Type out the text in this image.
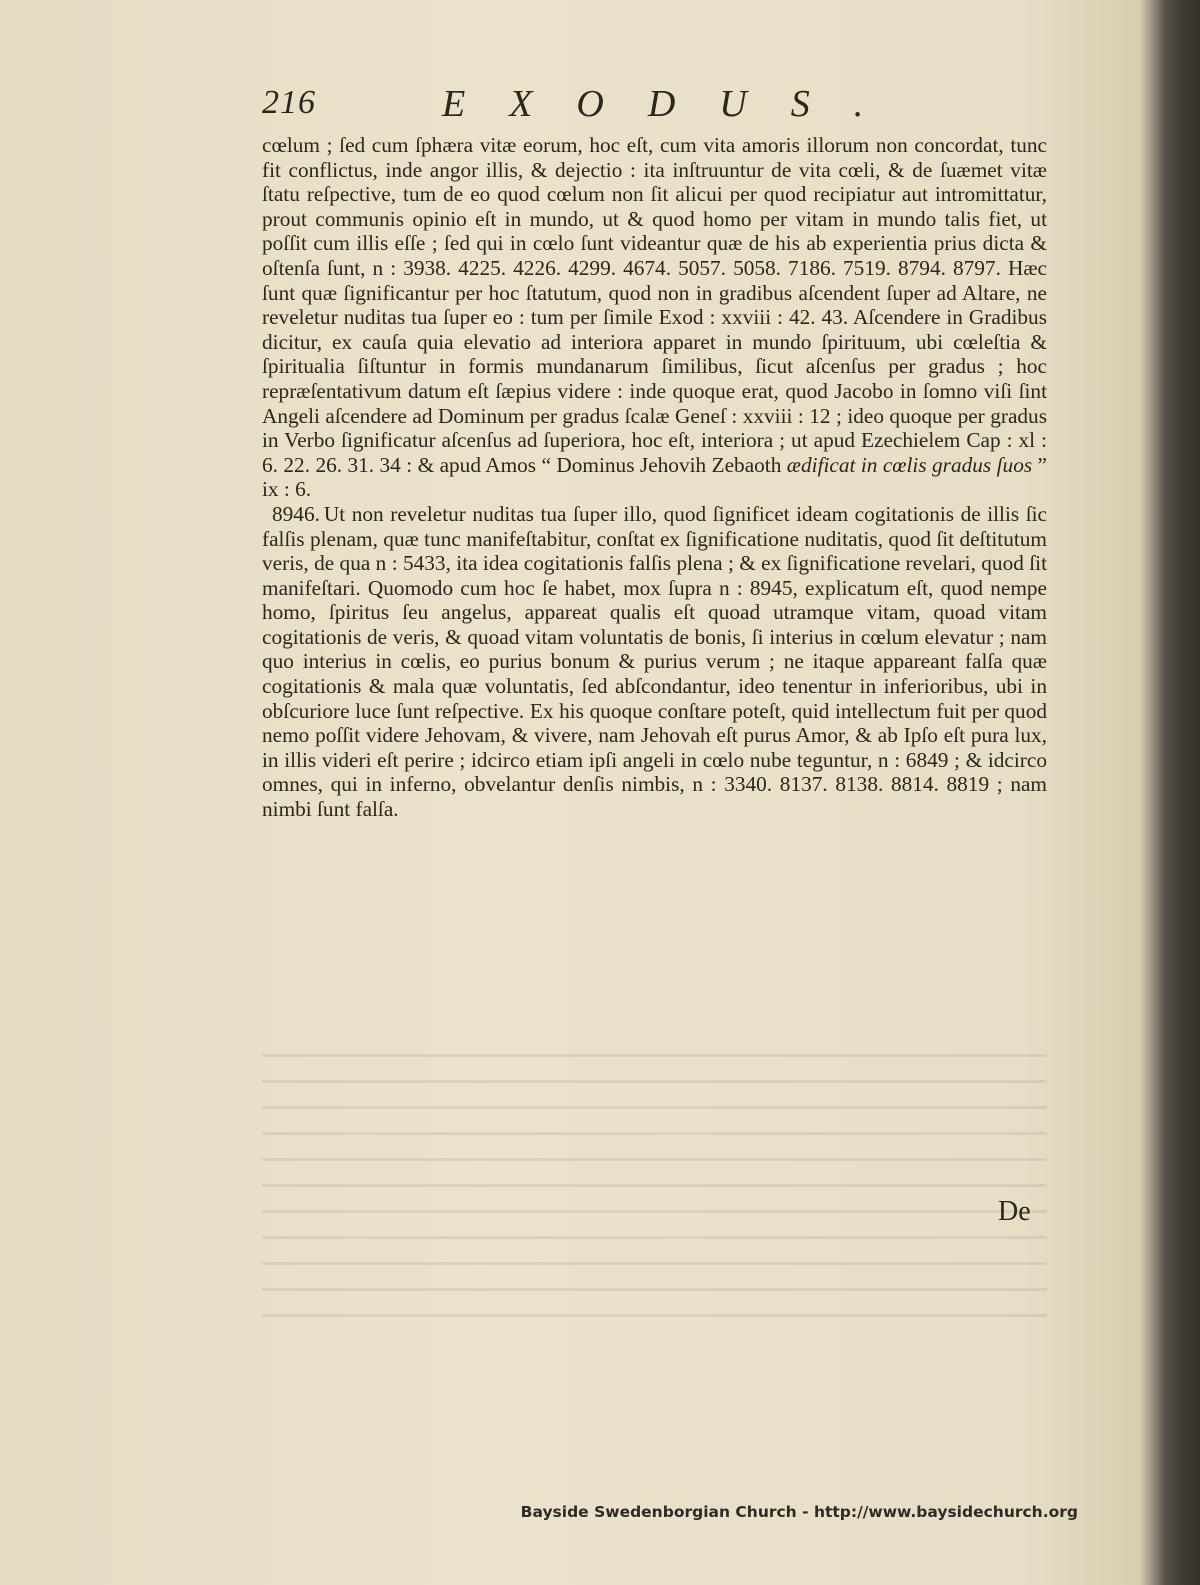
216	EXODUS.

cœlum ; ſed cum ſphæra vitæ eorum, hoc eſt, cum vita amoris illorum non concordat, tunc fit conflictus, inde angor illis, & dejectio : ita inſtruuntur de vita cœli, & de ſuæmet vitæ ſtatu reſpective, tum de eo quod cœlum non ſit alicui per quod recipiatur aut intromittatur, prout communis opinio eſt in mundo, ut & quod homo per vitam in mundo talis fiet, ut poſſit cum illis eſſe ; ſed qui in cœlo ſunt videantur quæ de his ab experientia prius dicta & oſtenſa ſunt, n : 3938. 4225. 4226. 4299. 4674. 5057. 5058. 7186. 7519. 8794. 8797. Hæc ſunt quæ ſignificantur per hoc ſtatutum, quod non in gradibus aſcendent ſuper ad Altare, ne reveletur nuditas tua ſuper eo : tum per ſimile Exod : xxviii : 42. 43. Aſcendere in Gradibus dicitur, ex cauſa quia elevatio ad interiora apparet in mundo ſpirituum, ubi cœleſtia & ſpiritualia ſiſtuntur in formis mundanarum ſimilibus, ſicut aſcenſus per gradus ; hoc repræſentativum datum eſt ſæpius videre : inde quoque erat, quod Jacobo in ſomno viſi ſint Angeli aſcendere ad Dominum per gradus ſcalæ Geneſ : xxviii : 12 ; ideo quoque per gradus in Verbo ſignificatur aſcenſus ad ſuperiora, hoc eſt, interiora ; ut apud Ezechielem Cap : xl : 6. 22. 26. 31. 34 : & apud Amos “ Dominus Jehovih Zebaoth ædificat in cœlis gradus ſuos ” ix : 6.

8946. Ut non reveletur nuditas tua ſuper illo, quod ſignificet ideam cogitationis de illis ſic falſis plenam, quæ tunc manifeſtabitur, conſtat ex ſignificatione nuditatis, quod ſit deſtitutum veris, de qua n : 5433, ita idea cogitationis falſis plena ; & ex ſignificatione revelari, quod ſit manifeſtari. Quomodo cum hoc ſe habet, mox ſupra n : 8945, explicatum eſt, quod nempe homo, ſpiritus ſeu angelus, appareat qualis eſt quoad utramque vitam, quoad vitam cogitationis de veris, & quoad vitam voluntatis de bonis, ſi interius in cœlum elevatur ; nam quo interius in cœlis, eo purius bonum & purius verum ; ne itaque appareant falſa quæ cogitationis & mala quæ voluntatis, ſed abſcondantur, ideo tenentur in inferioribus, ubi in obſcuriore luce ſunt reſpective. Ex his quoque conſtare poteſt, quid intellectum fuit per quod nemo poſſit videre Jehovam, & vivere, nam Jehovah eſt purus Amor, & ab Ipſo eſt pura lux, in illis videri eſt perire ; idcirco etiam ipſi angeli in cœlo nube teguntur, n : 6849 ; & idcirco omnes, qui in inferno, obvelantur denſis nimbis, n : 3340. 8137. 8138. 8814. 8819 ; nam nimbi ſunt falſa.

De
Bayside Swedenborgian Church - http://www.baysidechurch.org
